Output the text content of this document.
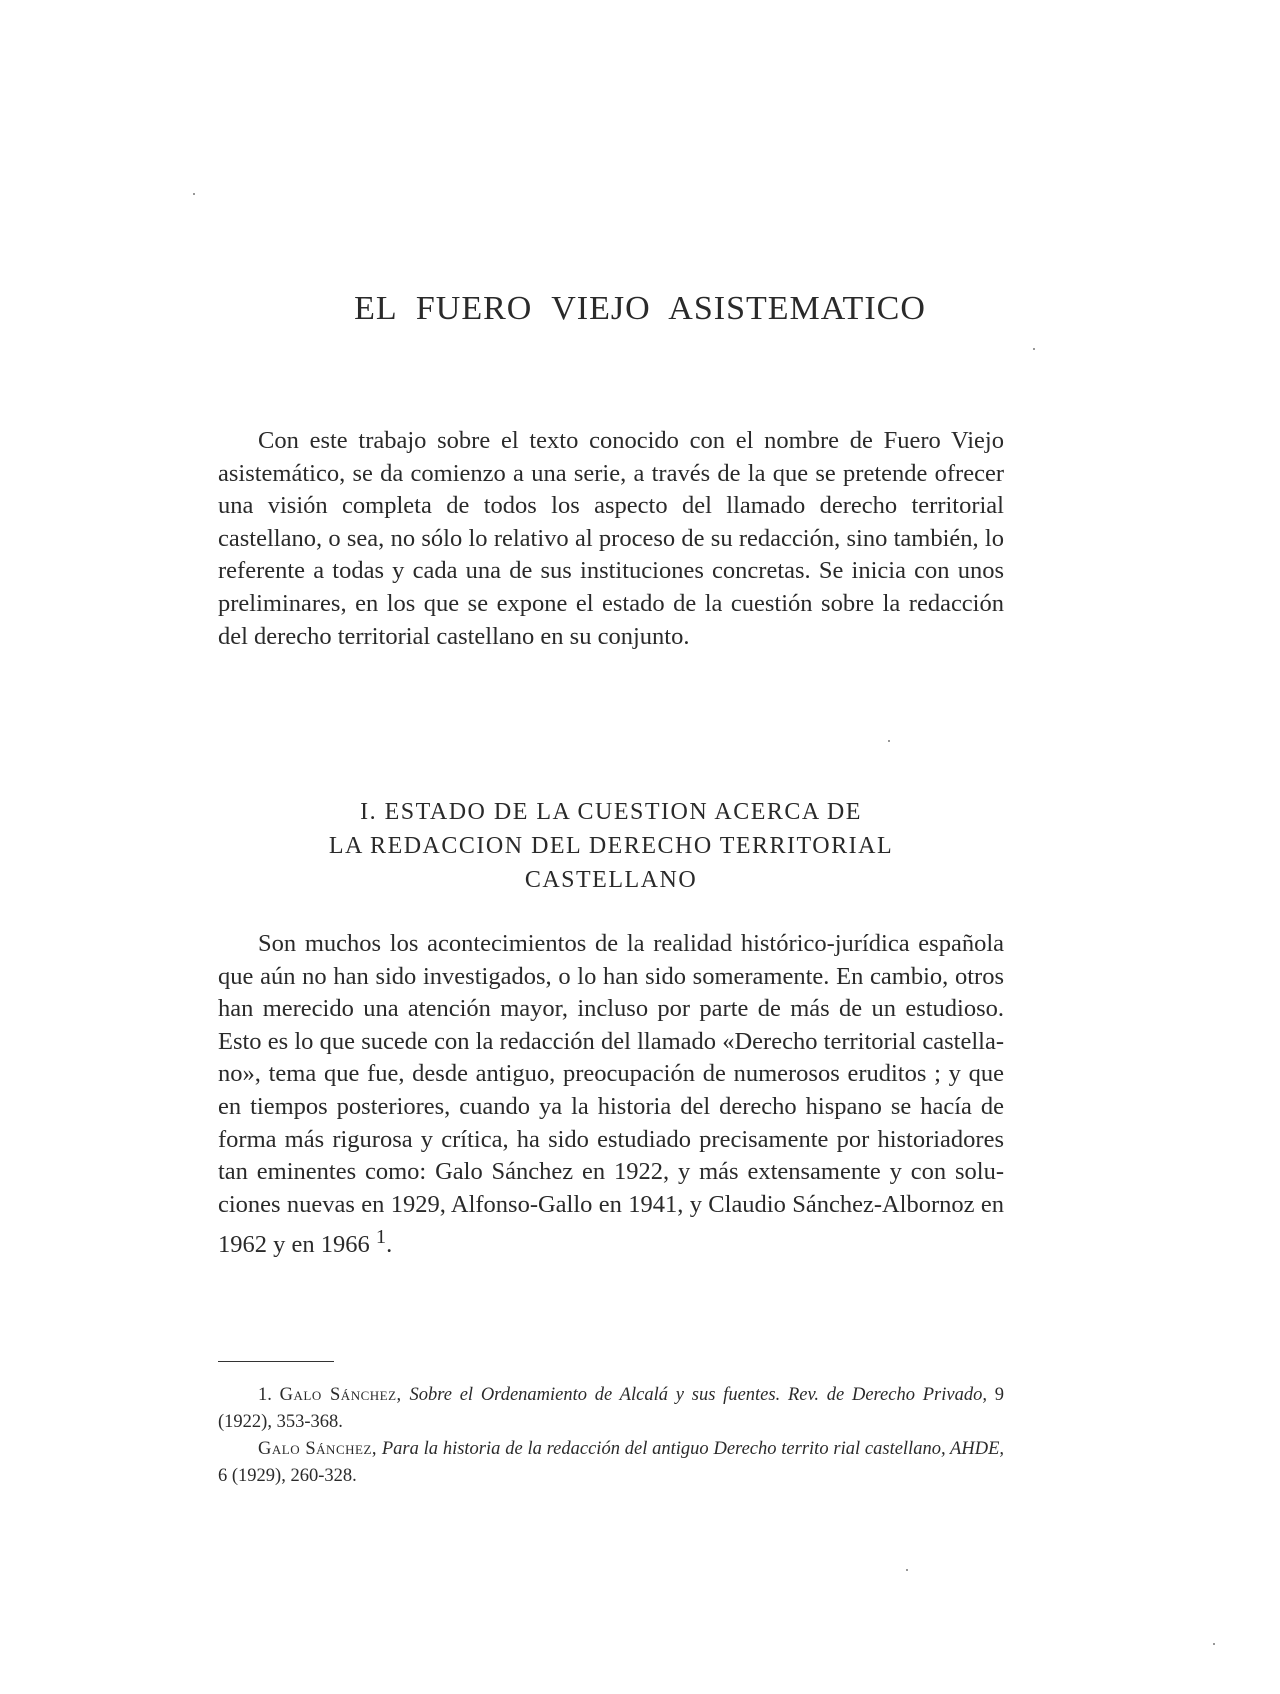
EL FUERO VIEJO ASISTEMATICO

Con este trabajo sobre el texto conocido con el nombre de Fuero Viejo asistemático, se da comienzo a una serie, a través de la que se pretende ofrecer una visión completa de todos los aspecto del llamado derecho territorial castellano, o sea, no sólo lo relativo al proceso de su redacción, sino también, lo referente a todas y cada una de sus instituciones concretas. Se inicia con unos preliminares, en los que se expone el estado de la cuestión sobre la redacción del derecho territorial castellano en su conjunto.

I. ESTADO DE LA CUESTION ACERCA DE
LA REDACCION DEL DERECHO TERRITORIAL
CASTELLANO

Son muchos los acontecimientos de la realidad histórico-jurídica española que aún no han sido investigados, o lo han sido someramente. En cambio, otros han merecido una atención mayor, incluso por parte de más de un estudioso. Esto es lo que sucede con la redacción del llamado «Derecho territorial castellano», tema que fue, desde antiguo, preocupación de numerosos eruditos ; y que en tiempos posteriores, cuando ya la historia del derecho hispano se hacía de forma más rigurosa y crítica, ha sido estudiado precisamente por historiadores tan eminentes como: Galo Sánchez en 1922, y más extensamente y con soluciones nuevas en 1929, Alfonso-Gallo en 1941, y Claudio Sánchez-Albornoz en 1962 y en 1966 $^1$.

1. Galo Sánchez, Sobre el Ordenamiento de Alcalá y sus fuentes. Rev. de Derecho Privado, 9 (1922), 353-368.

Galo Sánchez, Para la historia de la redacción del antiguo Derecho territo rial castellano, AHDE, 6 (1929), 260-328.
